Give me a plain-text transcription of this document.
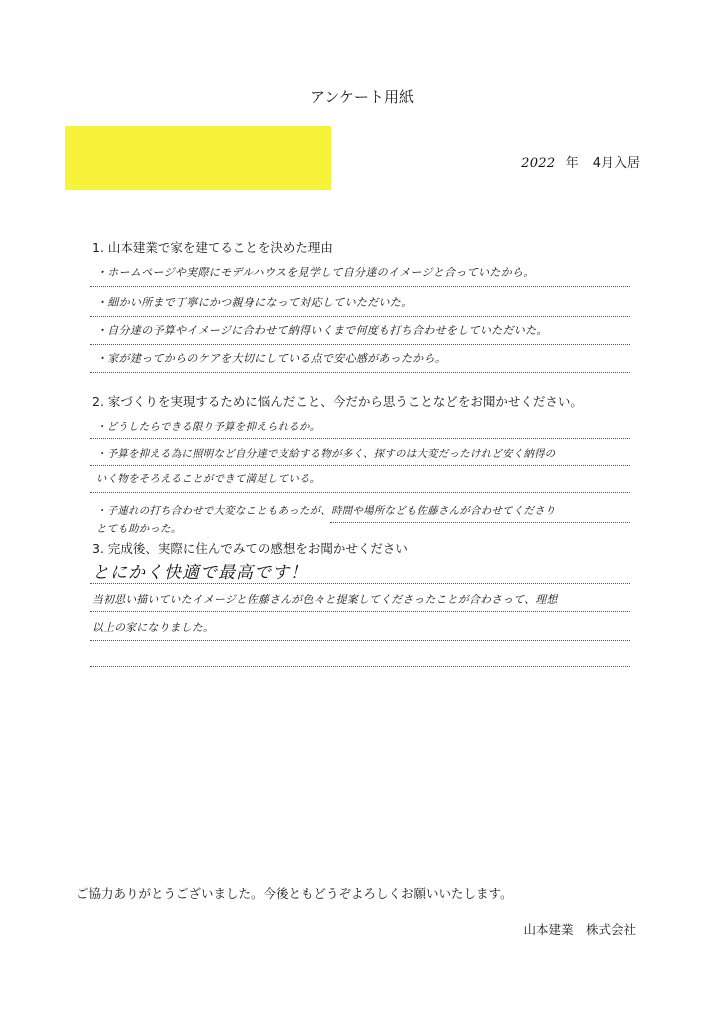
アンケート用紙
2022 年 4月入居
1. 山本建業で家を建てることを決めた理由
・ホームページや実際にモデルハウスを見学して自分達のイメージと合っていたから。
・細かい所まで丁寧にかつ親身になって対応していただいた。
・自分達の予算やイメージに合わせて納得いくまで何度も打ち合わせをしていただいた。
・家が建ってからのケアを大切にしている点で安心感があったから。
2. 家づくりを実現するために悩んだこと、今だから思うことなどをお聞かせください。
・どうしたらできる限り予算を抑えられるか。
・予算を抑える為に照明など自分達で支給する物が多く、探すのは大変だったけれど安く納得の
いく物をそろえることができて満足している。
・子連れの打ち合わせで大変なこともあったが、時間や場所なども佐藤さんが合わせてくださり
とても助かった。
3. 完成後、実際に住んでみての感想をお聞かせください
とにかく快適で最高です！
当初思い描いていたイメージと佐藤さんが色々と提案してくださったことが合わさって、理想
以上の家になりました。
ご協力ありがとうございました。今後ともどうぞよろしくお願いいたします。
山本建業　株式会社
